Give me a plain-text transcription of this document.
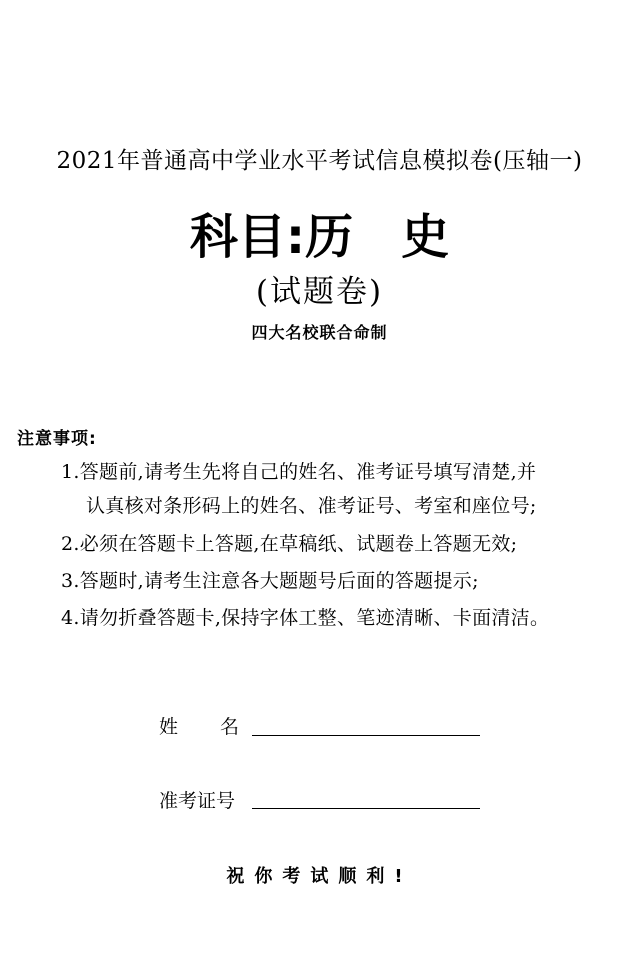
2021年普通高中学业水平考试信息模拟卷(压轴一)
科目:历 史
(试题卷)
四大名校联合命制
注意事项:
1.答题前,请考生先将自己的姓名、准考证号填写清楚,并
认真核对条形码上的姓名、准考证号、考室和座位号;
2.必须在答题卡上答题,在草稿纸、试题卷上答题无效;
3.答题时,请考生注意各大题题号后面的答题提示;
4.请勿折叠答题卡,保持字体工整、笔迹清晰、卡面清洁。
姓名
准考证号
祝你考试顺利!
